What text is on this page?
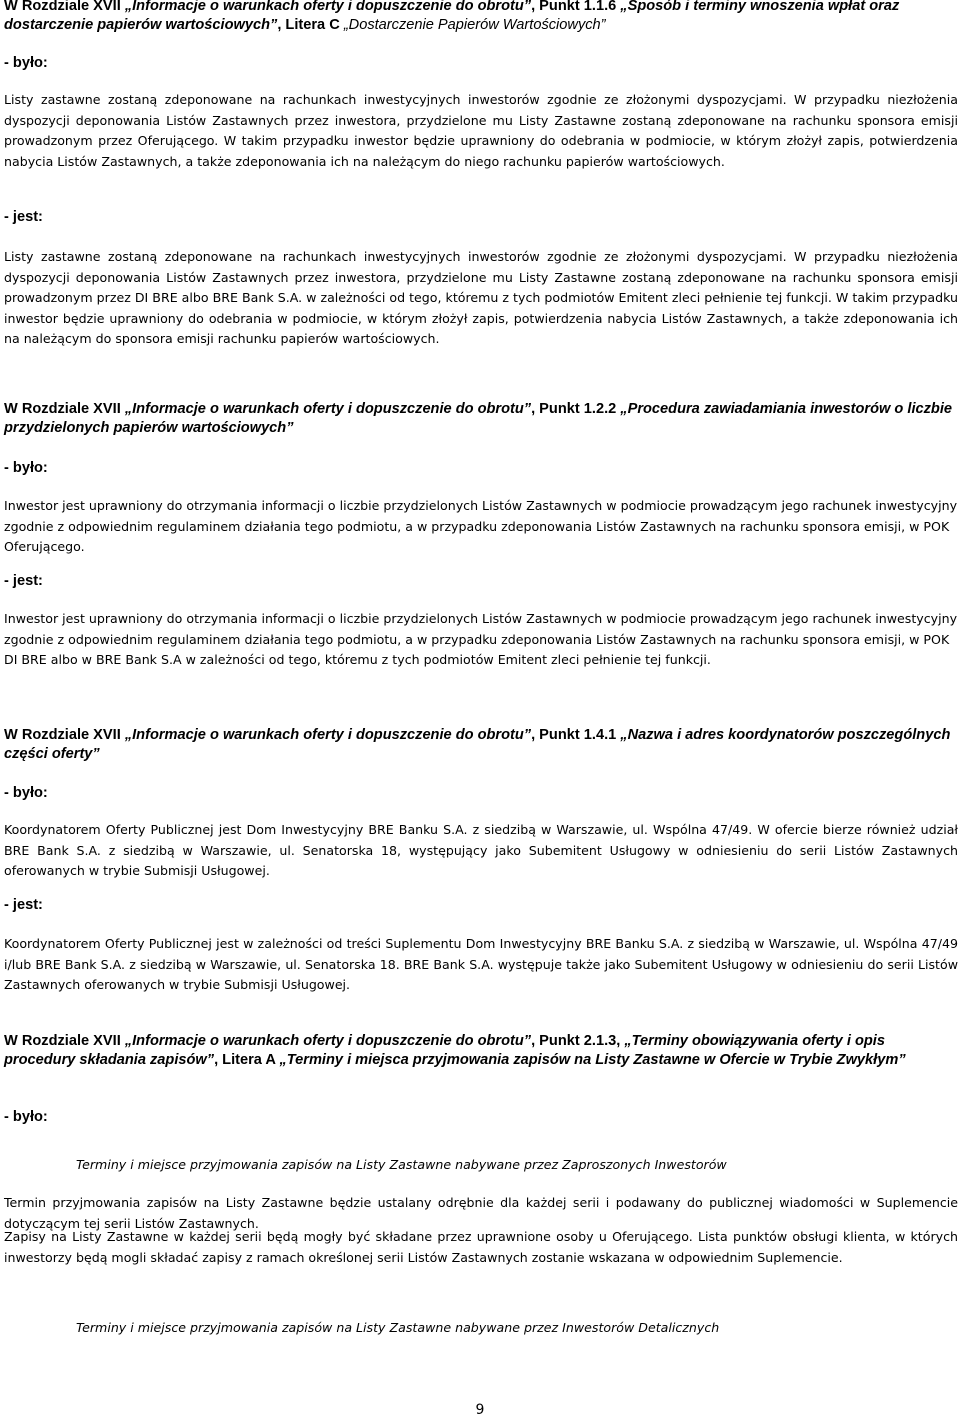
W Rozdziale XVII „Informacje o warunkach oferty i dopuszczenie do obrotu”, Punkt 1.1.6 „Sposób i terminy wnoszenia wpłat oraz dostarczenie papierów wartościowych”, Litera C „Dostarczenie Papierów Wartościowych”
- było:
Listy zastawne zostaną zdeponowane na rachunkach inwestycyjnych inwestorów zgodnie ze złożonymi dyspozycjami. W przypadku niezłożenia dyspozycji deponowania Listów Zastawnych przez inwestora, przydzielone mu Listy Zastawne zostaną zdeponowane na rachunku sponsora emisji prowadzonym przez Oferującego. W takim przypadku inwestor będzie uprawniony do odebrania w podmiocie, w którym złożył zapis, potwierdzenia nabycia Listów Zastawnych, a także zdeponowania ich na należącym do niego rachunku papierów wartościowych.
- jest:
Listy zastawne zostaną zdeponowane na rachunkach inwestycyjnych inwestorów zgodnie ze złożonymi dyspozycjami. W przypadku niezłożenia dyspozycji deponowania Listów Zastawnych przez inwestora, przydzielone mu Listy Zastawne zostaną zdeponowane na rachunku sponsora emisji prowadzonym przez DI BRE albo BRE Bank S.A. w zależności od tego, któremu z tych podmiotów Emitent zleci pełnienie tej funkcji. W takim przypadku inwestor będzie uprawniony do odebrania w podmiocie, w którym złożył zapis, potwierdzenia nabycia Listów Zastawnych, a także zdeponowania ich na należącym do sponsora emisji rachunku papierów wartościowych.
W Rozdziale XVII „Informacje o warunkach oferty i dopuszczenie do obrotu”, Punkt 1.2.2 „Procedura zawiadamiania inwestorów o liczbie przydzielonych papierów wartościowych”
- było:
Inwestor jest uprawniony do otrzymania informacji o liczbie przydzielonych Listów Zastawnych w podmiocie prowadzącym jego rachunek inwestycyjny zgodnie z odpowiednim regulaminem działania tego podmiotu, a w przypadku zdeponowania Listów Zastawnych na rachunku sponsora emisji, w POK Oferującego.
- jest:
Inwestor jest uprawniony do otrzymania informacji o liczbie przydzielonych Listów Zastawnych w podmiocie prowadzącym jego rachunek inwestycyjny zgodnie z odpowiednim regulaminem działania tego podmiotu, a w przypadku zdeponowania Listów Zastawnych na rachunku sponsora emisji, w POK DI BRE albo w BRE Bank S.A w zależności od tego, któremu z tych podmiotów Emitent zleci pełnienie tej funkcji.
W Rozdziale XVII „Informacje o warunkach oferty i dopuszczenie do obrotu”, Punkt 1.4.1 „Nazwa i adres koordynatorów poszczególnych części oferty”
- było:
Koordynatorem Oferty Publicznej jest Dom Inwestycyjny BRE Banku S.A. z siedzibą w Warszawie, ul. Wspólna 47/49. W ofercie bierze również udział BRE Bank S.A. z siedzibą w Warszawie, ul. Senatorska 18, występujący jako Subemitent Usługowy w odniesieniu do serii Listów Zastawnych oferowanych w trybie Submisji Usługowej.
- jest:
Koordynatorem Oferty Publicznej jest w zależności od treści Suplementu Dom Inwestycyjny BRE Banku S.A. z siedzibą w Warszawie, ul. Wspólna 47/49 i/lub BRE Bank S.A. z siedzibą w Warszawie, ul. Senatorska 18. BRE Bank S.A. występuje także jako Subemitent Usługowy w odniesieniu do serii Listów Zastawnych oferowanych w trybie Submisji Usługowej.
W Rozdziale XVII „Informacje o warunkach oferty i dopuszczenie do obrotu”, Punkt 2.1.3, „Terminy obowiązywania oferty i opis procedury składania zapisów”, Litera A „Terminy i miejsca przyjmowania zapisów na Listy Zastawne w Ofercie w Trybie Zwykłym”
- było:
Terminy i miejsce przyjmowania zapisów na Listy Zastawne nabywane przez Zaproszonych Inwestorów
Termin przyjmowania zapisów na Listy Zastawne będzie ustalany odrębnie dla każdej serii i podawany do publicznej wiadomości w Suplemencie dotyczącym tej serii Listów Zastawnych.
Zapisy na Listy Zastawne w każdej serii będą mogły być składane przez uprawnione osoby u Oferującego. Lista punktów obsługi klienta, w których inwestorzy będą mogli składać zapisy z ramach określonej serii Listów Zastawnych zostanie wskazana w odpowiednim Suplemencie.
Terminy i miejsce przyjmowania zapisów na Listy Zastawne nabywane przez Inwestorów Detalicznych
9
